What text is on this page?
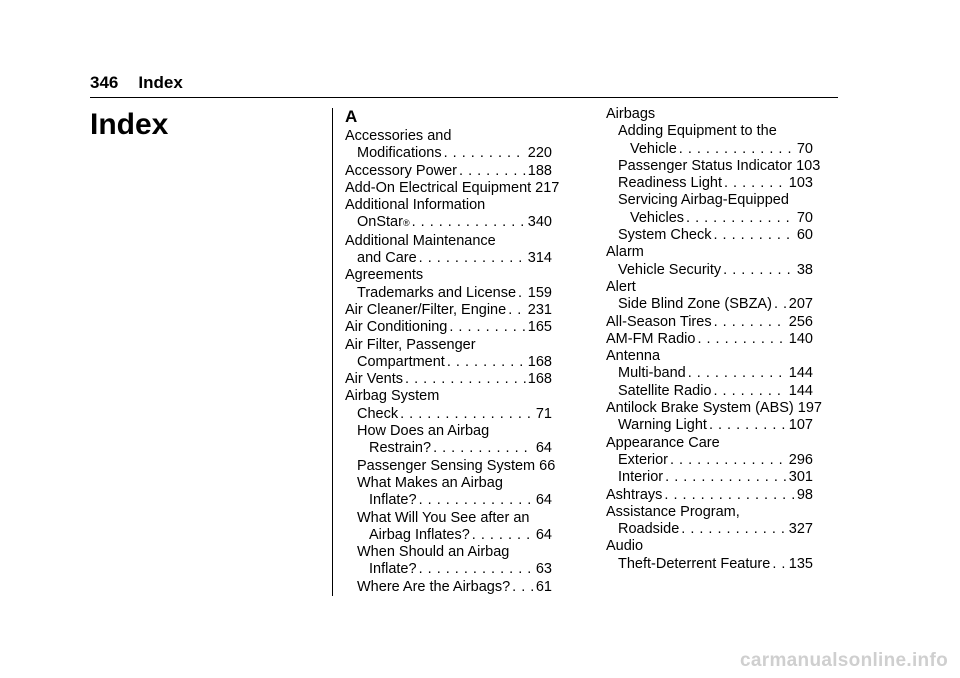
346 Index
Index	A
Accessories and
Modifications . . .	220
Accessory Power . . .	188
Add-On Electrical Equipment 217
Additional Information
OnStar ® . . .	340
Additional Maintenance
and Care . . .	314
Agreements
Trademarks and License . . . 159
Air Cleaner/Filter, Engine . . . 231
Air Conditioning . . .	165
Air Filter, Passenger
Compartment . . .	168
Air Vents . . .	168
Airbag System
Check . . .	71
How Does an Airbag
Restrain? . . .	64
Passenger Sensing System 66
What Makes an Airbag
Inflate? . . .	64
What Will You See after an
Airbag Inflates? . . .	64
When Should an Airbag
Inflate? . . .	63
Where Are the Airbags? . . . 61
Airbags
Adding Equipment to the
Vehicle . . .	70
Passenger Status Indicator 103
Readiness Light . . .	103
Servicing Airbag-Equipped
Vehicles . . .	70
System Check . . .	60
Alarm
Vehicle Security . . .	38
Alert
Side Blind Zone (SBZA) . . . 207
All-Season Tires . . .	256
AM-FM Radio . . .	140
Antenna
Multi-band . . .	144
Satellite Radio . . .	144
Antilock Brake System (ABS) 197
Warning Light . . .	107
Appearance Care
Exterior . . .	296
Interior . . .	301
Ashtrays . . .	98
Assistance Program,
Roadside . . .	327
Audio
Theft-Deterrent Feature . . . 135
carmanualsonline.info
